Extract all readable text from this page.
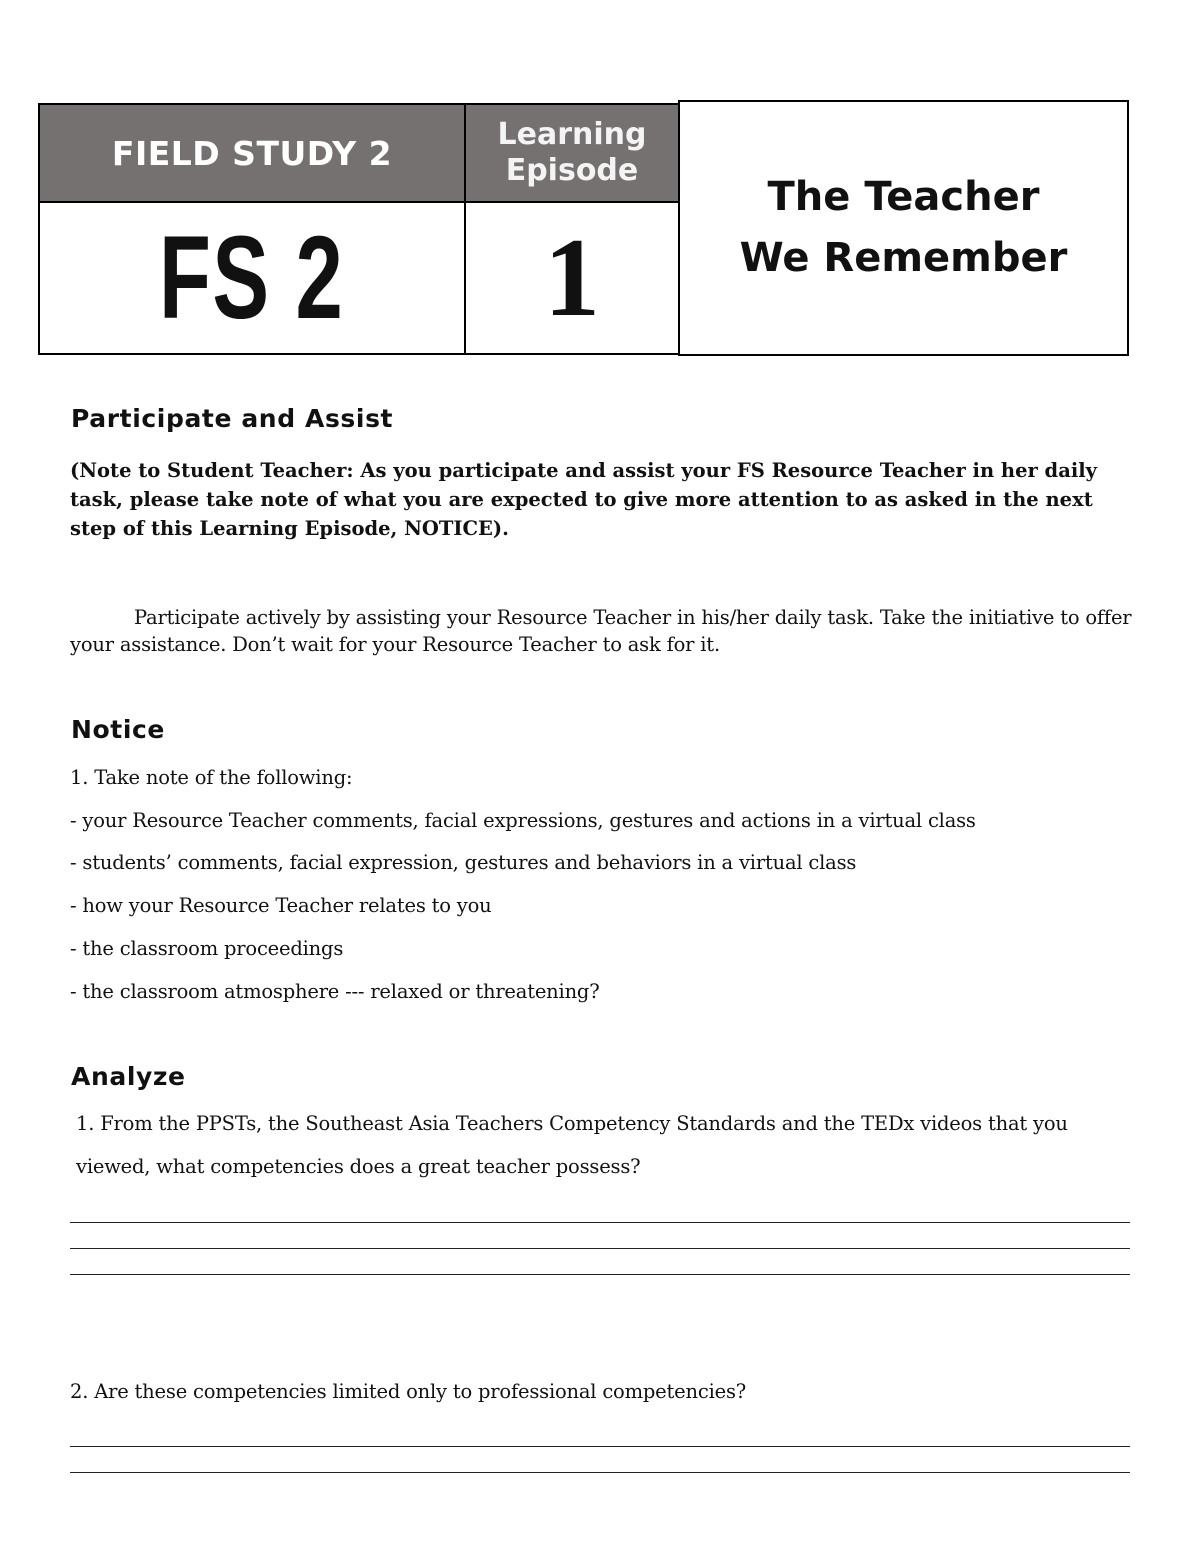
FIELD STUDY 2	Learning
Episode
FS 2 1
The Teacher
We Remember
Participate and Assist
(Note to Student Teacher: As you participate and assist your FS Resource Teacher in her daily task, please take note of what you are expected to give more attention to as asked in the next step of this Learning Episode, NOTICE).
Participate actively by assisting your Resource Teacher in his/her daily task. Take the initiative to offer your assistance. Don’t wait for your Resource Teacher to ask for it.
Notice
1. Take note of the following:
- your Resource Teacher comments, facial expressions, gestures and actions in a virtual class
- students’ comments, facial expression, gestures and behaviors in a virtual class
- how your Resource Teacher relates to you
- the classroom proceedings
- the classroom atmosphere --- relaxed or threatening?
Analyze
1. From the PPSTs, the Southeast Asia Teachers Competency Standards and the TEDx videos that you
viewed, what competencies does a great teacher possess?
2. Are these competencies limited only to professional competencies?
